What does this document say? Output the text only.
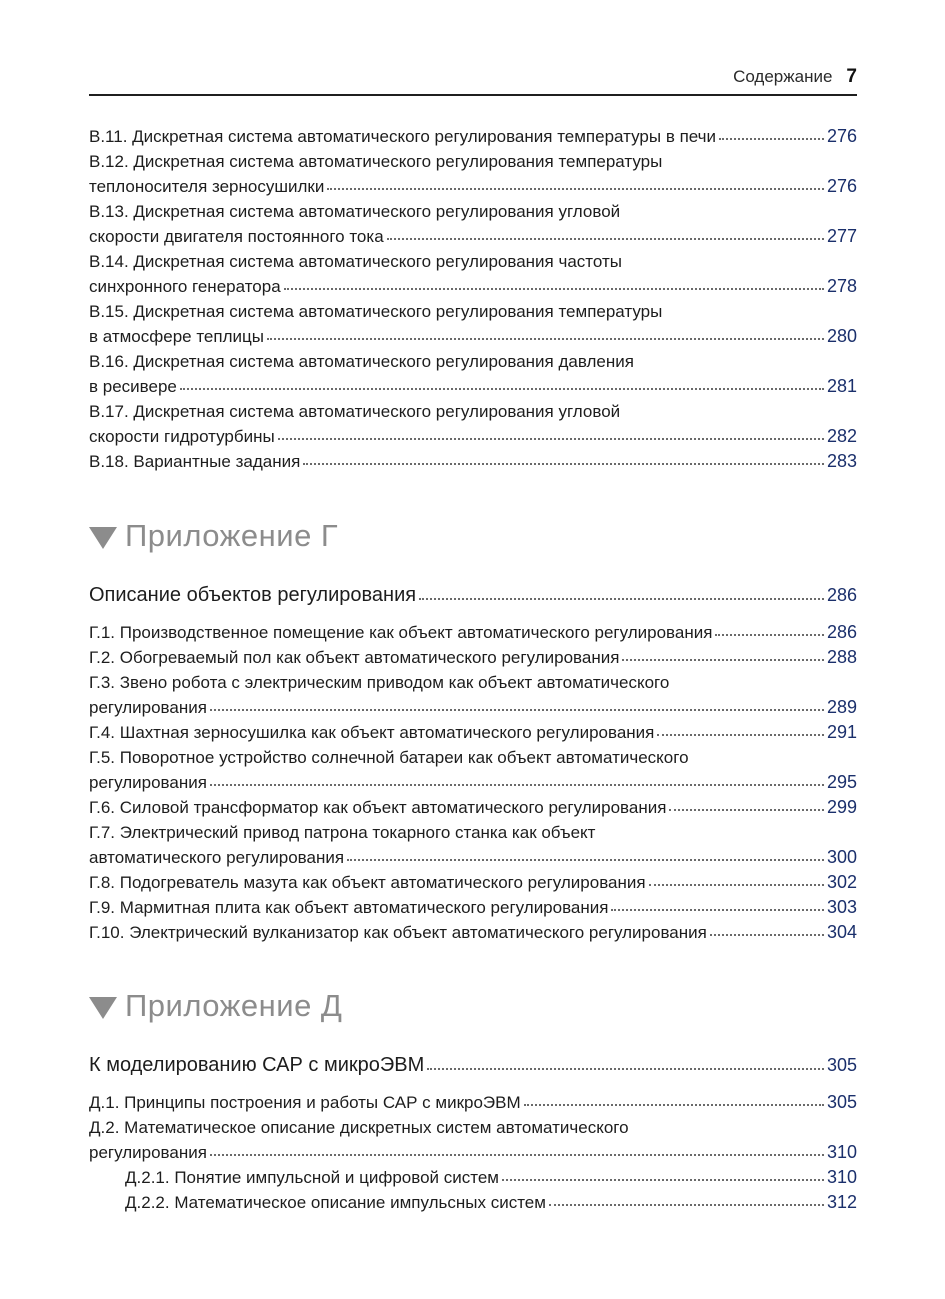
Содержание 7
В.11. Дискретная система автоматического регулирования температуры в печи	276
В.12. Дискретная система автоматического регулирования температуры
теплоносителя зерносушилки	276
В.13. Дискретная система автоматического регулирования угловой
скорости двигателя постоянного тока	277
В.14. Дискретная система автоматического регулирования частоты
синхронного генератора	278
В.15. Дискретная система автоматического регулирования температуры
в атмосфере теплицы	280
В.16. Дискретная система автоматического регулирования давления
в ресивере	281
В.17. Дискретная система автоматического регулирования угловой
скорости гидротурбины	282
В.18. Вариантные задания	283
Приложение Г
Описание объектов регулирования	286
Г.1. Производственное помещение как объект автоматического регулирования	286
Г.2. Обогреваемый пол как объект автоматического регулирования	288
Г.3. Звено робота с электрическим приводом как объект автоматического
регулирования	289
Г.4. Шахтная зерносушилка как объект автоматического регулирования	291
Г.5. Поворотное устройство солнечной батареи как объект автоматического
регулирования	295
Г.6. Силовой трансформатор как объект автоматического регулирования	299
Г.7. Электрический привод патрона токарного станка как объект
автоматического регулирования	300
Г.8. Подогреватель мазута как объект автоматического регулирования	302
Г.9. Мармитная плита как объект автоматического регулирования	303
Г.10. Электрический вулканизатор как объект автоматического регулирования	304
Приложение Д
К моделированию САР с микроЭВМ	305
Д.1. Принципы построения и работы САР с микроЭВМ	305
Д.2. Математическое описание дискретных систем автоматического
регулирования	310
Д.2.1. Понятие импульсной и цифровой систем	310
Д.2.2. Математическое описание импульсных систем	312
